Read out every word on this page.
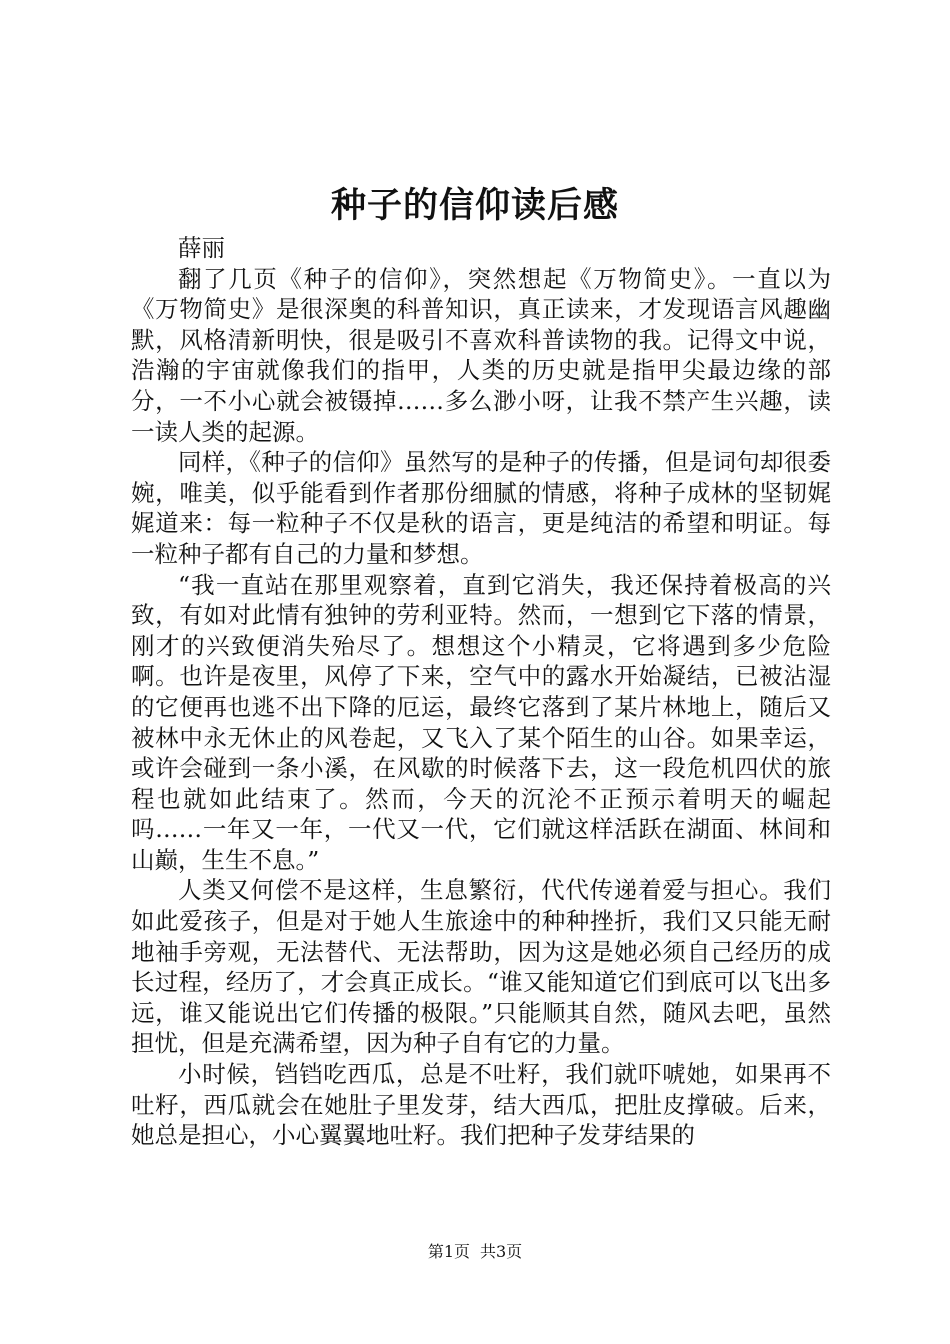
种子的信仰读后感
薛丽

翻了几页《种子的信仰》，突然想起《万物简史》。一直以为《万物简史》是很深奥的科普知识，真正读来，才发现语言风趣幽默，风格清新明快，很是吸引不喜欢科普读物的我。记得文中说，浩瀚的宇宙就像我们的指甲，人类的历史就是指甲尖最边缘的部分，一不小心就会被镊掉……多么渺小呀，让我不禁产生兴趣，读一读人类的起源。

同样，《种子的信仰》虽然写的是种子的传播，但是词句却很委婉，唯美，似乎能看到作者那份细腻的情感，将种子成林的坚韧娓娓道来：每一粒种子不仅是秋的语言，更是纯洁的希望和明证。每一粒种子都有自己的力量和梦想。

“我一直站在那里观察着，直到它消失，我还保持着极高的兴致，有如对此情有独钟的劳利亚特。然而，一想到它下落的情景，刚才的兴致便消失殆尽了。想想这个小精灵，它将遇到多少危险啊。也许是夜里，风停了下来，空气中的露水开始凝结，已被沾湿的它便再也逃不出下降的厄运，最终它落到了某片林地上，随后又被林中永无休止的风卷起，又飞入了某个陌生的山谷。如果幸运，或许会碰到一条小溪，在风歇的时候落下去，这一段危机四伏的旅程也就如此结束了。然而，今天的沉沦不正预示着明天的崛起吗……一年又一年，一代又一代，它们就这样活跃在湖面、林间和山巅，生生不息。”

人类又何偿不是这样，生息繁衍，代代传递着爱与担心。我们如此爱孩子，但是对于她人生旅途中的种种挫折，我们又只能无耐地袖手旁观，无法替代、无法帮助，因为这是她必须自己经历的成长过程，经历了，才会真正成长。“谁又能知道它们到底可以飞出多远，谁又能说出它们传播的极限。”只能顺其自然，随风去吧，虽然担忧，但是充满希望，因为种子自有它的力量。

小时候，铛铛吃西瓜，总是不吐籽，我们就吓唬她，如果再不吐籽，西瓜就会在她肚子里发芽，结大西瓜，把肚皮撑破。后来，她总是担心，小心翼翼地吐籽。我们把种子发芽结果的

第1页 共3页
